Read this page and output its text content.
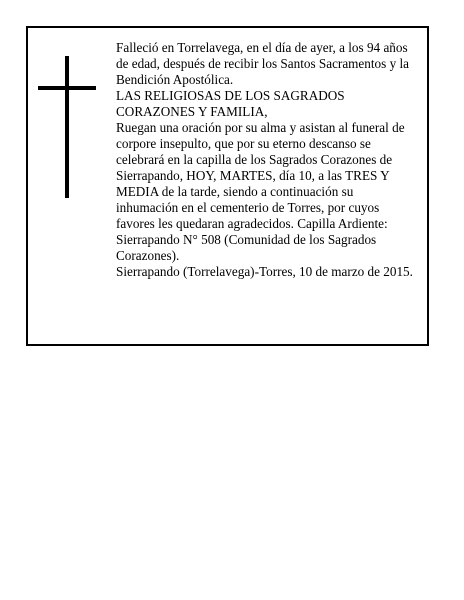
Falleció en Torrelavega, en el día de ayer, a los 94 años

de edad, después de recibir los Santos Sacramentos y la

Bendición Apostólica.

LAS RELIGIOSAS DE LOS SAGRADOS

CORAZONES Y FAMILIA,

Ruegan una oración por su alma y asistan al funeral de

corpore insepulto, que por su eterno descanso se

celebrará en la capilla de los Sagrados Corazones de

Sierrapando, HOY, MARTES, día 10, a las TRES Y

MEDIA de la tarde, siendo a continuación su

inhumación en el cementerio de Torres, por cuyos

favores les quedaran agradecidos. Capilla Ardiente:

Sierrapando N° 508 (Comunidad de los Sagrados

Corazones).

Sierrapando (Torrelavega)-Torres, 10 de marzo de 2015.
